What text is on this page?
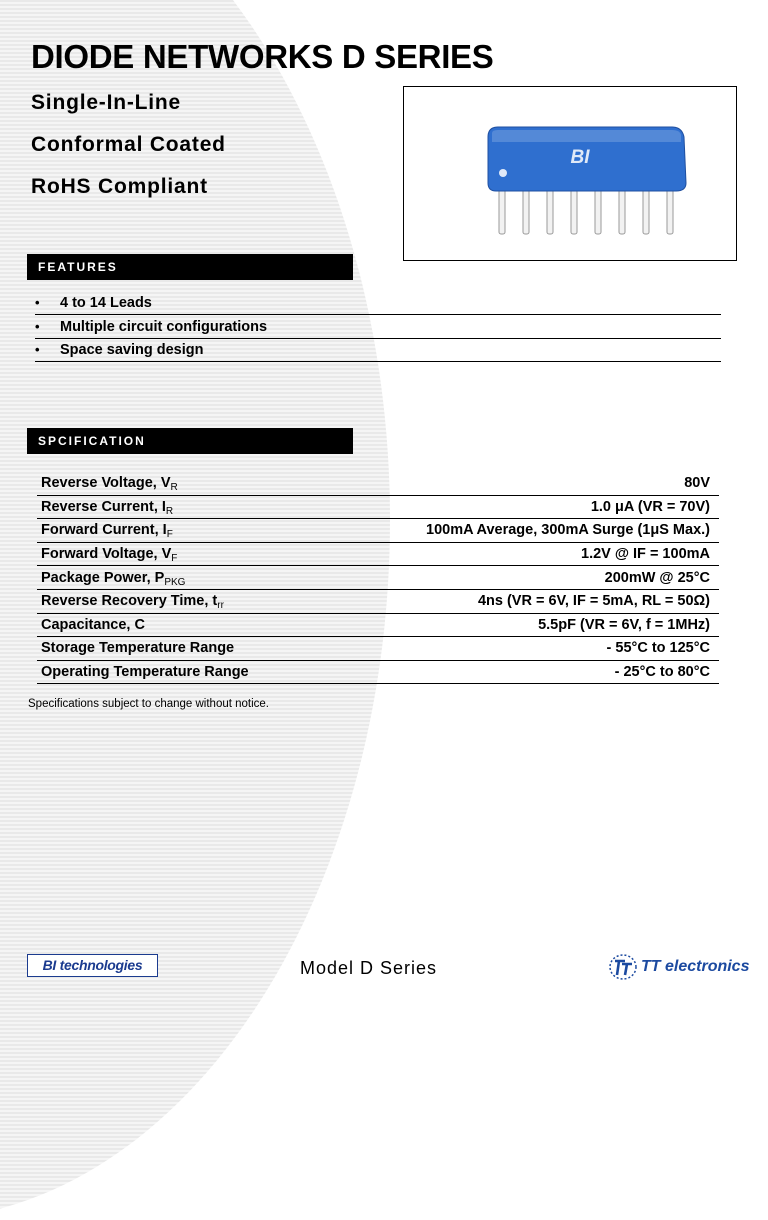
DIODE NETWORKS D SERIES

Single-In-Line

Conformal Coated

RoHS Compliant

BI
FEATURES
• 4 to 14 Leads
• Multiple circuit configurations
• Space saving design
SPCIFICATION
Reverse Voltage, $V_R$	80V
Reverse Current, $I_R$	1.0 μA (VR = 70V)
Forward Current, $I_F$	100mA Average, 300mA Surge (1μS Max.)
Forward Voltage, $V_F$	1.2V @ IF = 100mA
Package Power, $P_{PKG}$	200mW @ 25°C
Reverse Recovery Time, $t_{rr}$	4ns (VR = 6V, IF = 5mA, RL = 50Ω)
Capacitance, C	5.5pF (VR = 6V, f = 1MHz)
Storage Temperature Range	- 55°C to 125°C
Operating Temperature Range	- 25°C to 80°C
Specifications subject to change without notice.
BI technologies	Model D Series	TT electronics
